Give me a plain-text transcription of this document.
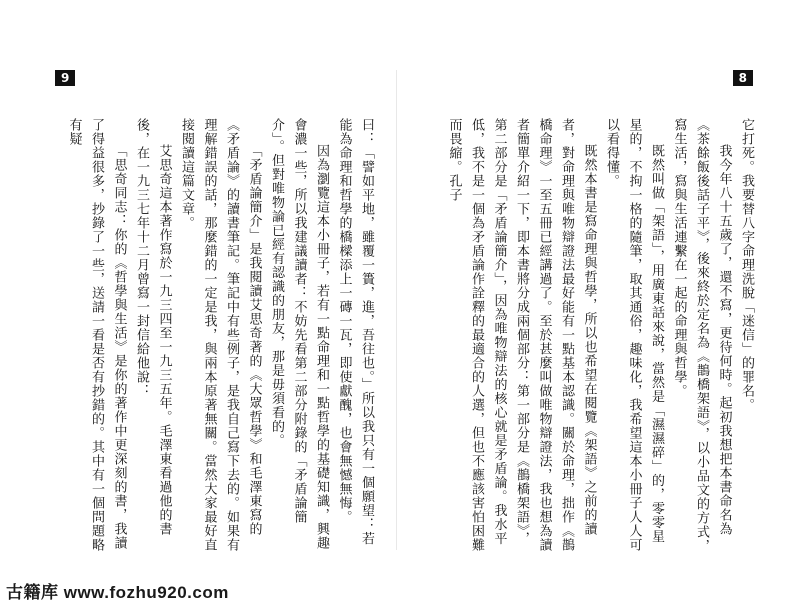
9
曰：「譬如平地，雖覆一簣，進，吾往也。」所以我只有一個願望：若能為命理和哲學的橋樑添上一磚一瓦，即使獻醜，也會無憾無悔。
因為瀏覽這本小冊子，若有一點命理和一點哲學的基礎知識，興趣會濃一些，所以我建議讀者：不妨先看第二部分附錄的「矛盾論簡介」。但對唯物論已經有認識的朋友，那是毋須看的。
「矛盾論簡介」是我閱讀艾思奇著的《大眾哲學》和毛澤東寫的《矛盾論》的讀書筆記。筆記中有些例子，是我自己寫下去的。如果有理解錯誤的話，那麼錯的一定是我，與兩本原著無關。當然大家最好直接閱讀這篇文章。
艾思奇這本著作寫於一九三四至一九三五年。毛澤東看過他的書後，在一九三七年十二月曾寫一封信給他說：
「思奇同志：你的《哲學與生活》是你的著作中更深刻的書，我讀了得益很多，抄錄了一些，送請一看是否有抄錯的。其中有一個問題略有疑
8
它打死。我要替八字命理洗脫「迷信」的罪名。
我今年八十五歲了，還不寫，更待何時。起初我想把本書命名為《茶餘飯後話子平》，後來終於定名為《鵲橋架語》，以小品文的方式，寫生活，寫與生活連繫在一起的命理與哲學。
既然叫做「架語」，用廣東話來說，當然是「濕濕碎」的，零零星星的，不拘一格的隨筆，取其通俗，趣味化，我希望這本小冊子人人可以看得懂。
既然本書是寫命理與哲學，所以也希望在閱覽《架語》之前的讀者，對命理與唯物辯證法最好能有一點基本認識。關於命理，拙作《鵲橋命理》一至五冊已經講過了。至於甚麼叫做唯物辯證法，我也想為讀者簡單介紹一下，即本書將分成兩個部分：第一部分是《鵲橋架語》，第二部分是「矛盾論簡介」，因為唯物辯法的核心就是矛盾論。我水平低，我不是一個為矛盾論作詮釋的最適合的人選，但也不應該害怕困難而畏縮。孔子
古籍库 www.fozhu920.com
